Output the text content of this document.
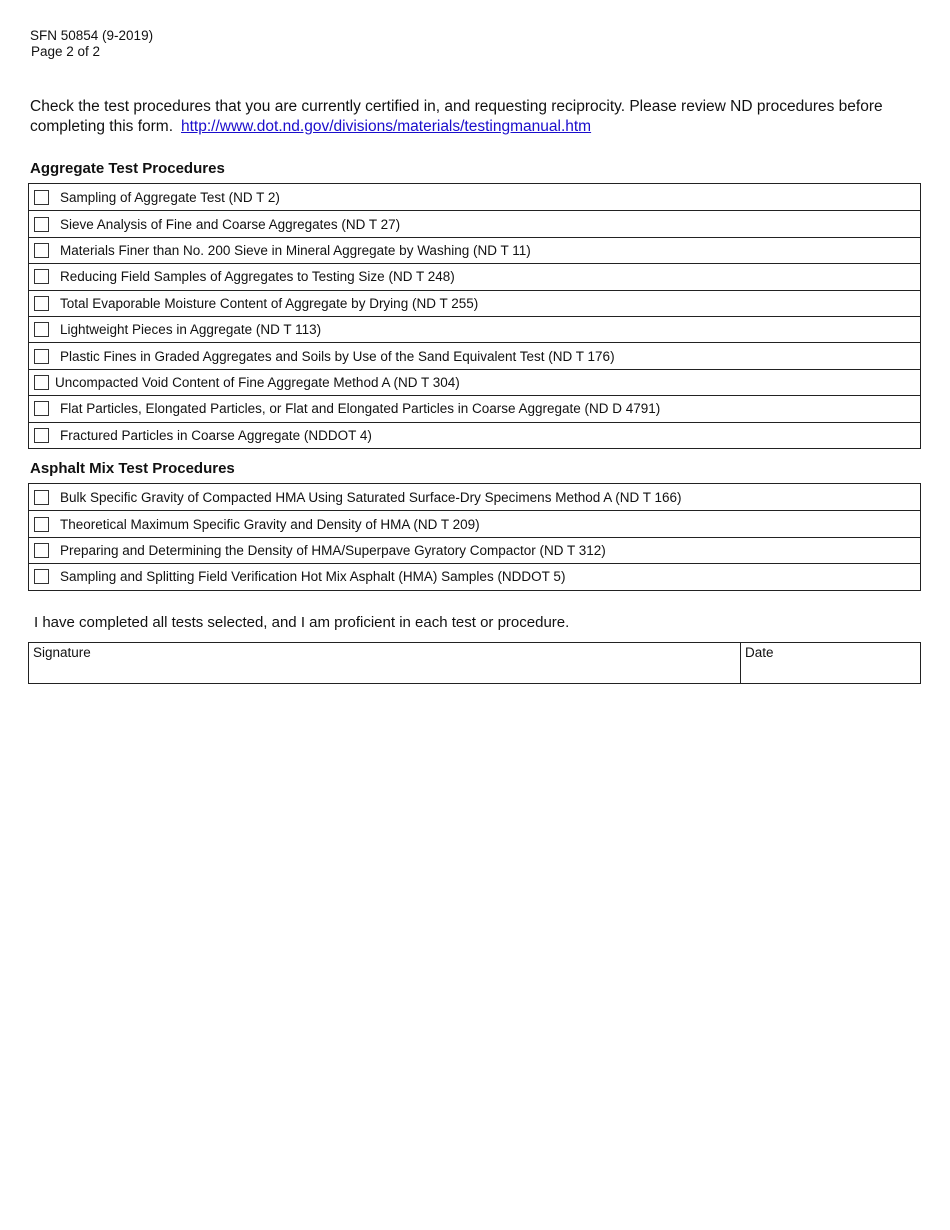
SFN 50854 (9-2019)
Page 2 of 2
Check the test procedures that you are currently certified in, and requesting reciprocity. Please review ND procedures before completing this form. http://www.dot.nd.gov/divisions/materials/testingmanual.htm
Aggregate Test Procedures
Sampling of Aggregate Test (ND T 2)
Sieve Analysis of Fine and Coarse Aggregates (ND T 27)
Materials Finer than No. 200 Sieve in Mineral Aggregate by Washing (ND T 11)
Reducing Field Samples of Aggregates to Testing Size (ND T 248)
Total Evaporable Moisture Content of Aggregate by Drying (ND T 255)
Lightweight Pieces in Aggregate (ND T 113)
Plastic Fines in Graded Aggregates and Soils by Use of the Sand Equivalent Test (ND T 176)
Uncompacted Void Content of Fine Aggregate Method A (ND T 304)
Flat Particles, Elongated Particles, or Flat and Elongated Particles in Coarse Aggregate (ND D 4791)
Fractured Particles in Coarse Aggregate (NDDOT 4)
Asphalt Mix Test Procedures
Bulk Specific Gravity of Compacted HMA Using Saturated Surface-Dry Specimens Method A (ND T 166)
Theoretical Maximum Specific Gravity and Density of HMA (ND T 209)
Preparing and Determining the Density of HMA/Superpave Gyratory Compactor (ND T 312)
Sampling and Splitting Field Verification Hot Mix Asphalt (HMA) Samples (NDDOT 5)
I have completed all tests selected, and I am proficient in each test or procedure.
Signature	Date
